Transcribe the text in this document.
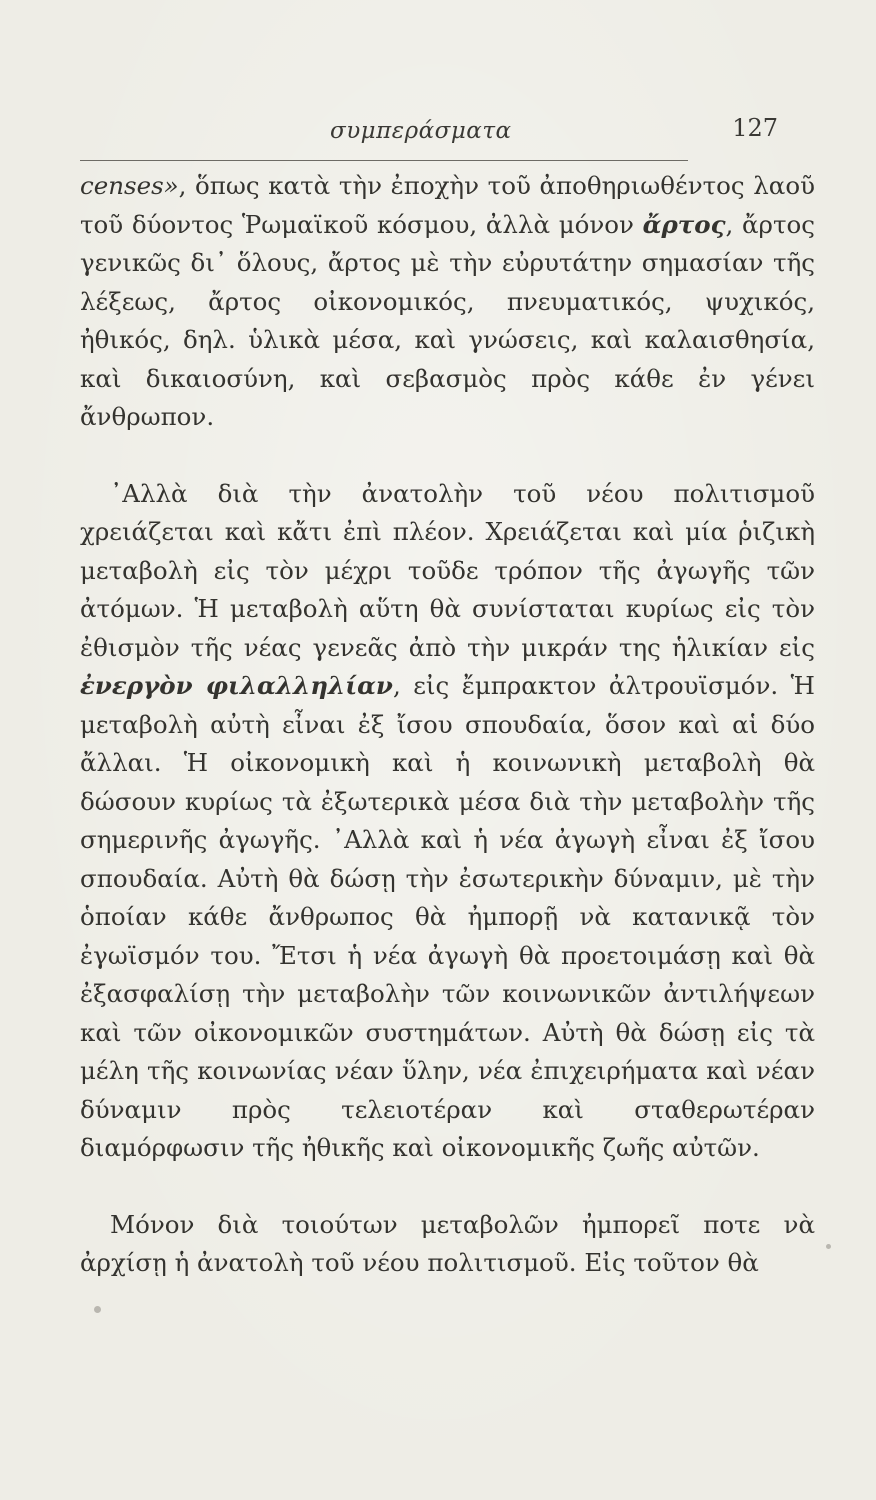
συμπεράσματα	127

censes», ὅπως κατὰ τὴν ἐποχὴν τοῦ ἀποθηριωθέντος λαοῦ τοῦ δύοντος Ῥωμαϊκοῦ κόσμου, ἀλλὰ μόνον ἄρτος, ἄρτος γενικῶς δι᾿ ὅλους, ἄρτος μὲ τὴν εὐρυτάτην σημασίαν τῆς λέξεως, ἄρτος οἰκονομικός, πνευματικός, ψυχικός, ἠθικός, δηλ. ὑλικὰ μέσα, καὶ γνώσεις, καὶ καλαισθησία, καὶ δικαιοσύνη, καὶ σεβασμὸς πρὸς κάθε ἐν γένει ἄνθρωπον.

᾿Αλλὰ διὰ τὴν ἀνατολὴν τοῦ νέου πολιτισμοῦ χρειάζεται καὶ κἄτι ἐπὶ πλέον. Χρειάζεται καὶ μία ῥιζικὴ μεταβολὴ εἰς τὸν μέχρι τοῦδε τρόπον τῆς ἀγωγῆς τῶν ἀτόμων. Ἡ μεταβολὴ αὕτη θὰ συνίσταται κυρίως εἰς τὸν ἐθισμὸν τῆς νέας γενεᾶς ἀπὸ τὴν μικράν της ἡλικίαν εἰς ἐνεργὸν φιλαλληλίαν, εἰς ἔμπρακτον ἀλτρουϊσμόν. Ἡ μεταβολὴ αὐτὴ εἶναι ἐξ ἴσου σπουδαία, ὅσον καὶ αἱ δύο ἄλλαι. Ἡ οἰκονομικὴ καὶ ἡ κοινωνικὴ μεταβολὴ θὰ δώσουν κυρίως τὰ ἐξωτερικὰ μέσα διὰ τὴν μεταβολὴν τῆς σημερινῆς ἀγωγῆς. ᾿Αλλὰ καὶ ἡ νέα ἀγωγὴ εἶναι ἐξ ἴσου σπουδαία. Αὐτὴ θὰ δώσῃ τὴν ἐσωτερικὴν δύναμιν, μὲ τὴν ὁποίαν κάθε ἄνθρωπος θὰ ἠμπορῇ νὰ κατανικᾷ τὸν ἐγωϊσμόν του. Ἔτσι ἡ νέα ἀγωγὴ θὰ προετοιμάσῃ καὶ θὰ ἐξασφαλίσῃ τὴν μεταβολὴν τῶν κοινωνικῶν ἀντιλήψεων καὶ τῶν οἰκονομικῶν συστημάτων. Αὐτὴ θὰ δώσῃ εἰς τὰ μέλη τῆς κοινωνίας νέαν ὕλην, νέα ἐπιχειρήματα καὶ νέαν δύναμιν πρὸς τελειοτέραν καὶ σταθερωτέραν διαμόρφωσιν τῆς ἠθικῆς καὶ οἰκονομικῆς ζωῆς αὐτῶν.

Μόνον διὰ τοιούτων μεταβολῶν ἠμπορεῖ ποτε νὰ ἀρχίσῃ ἡ ἀνατολὴ τοῦ νέου πολιτισμοῦ. Εἰς τοῦτον θὰ
